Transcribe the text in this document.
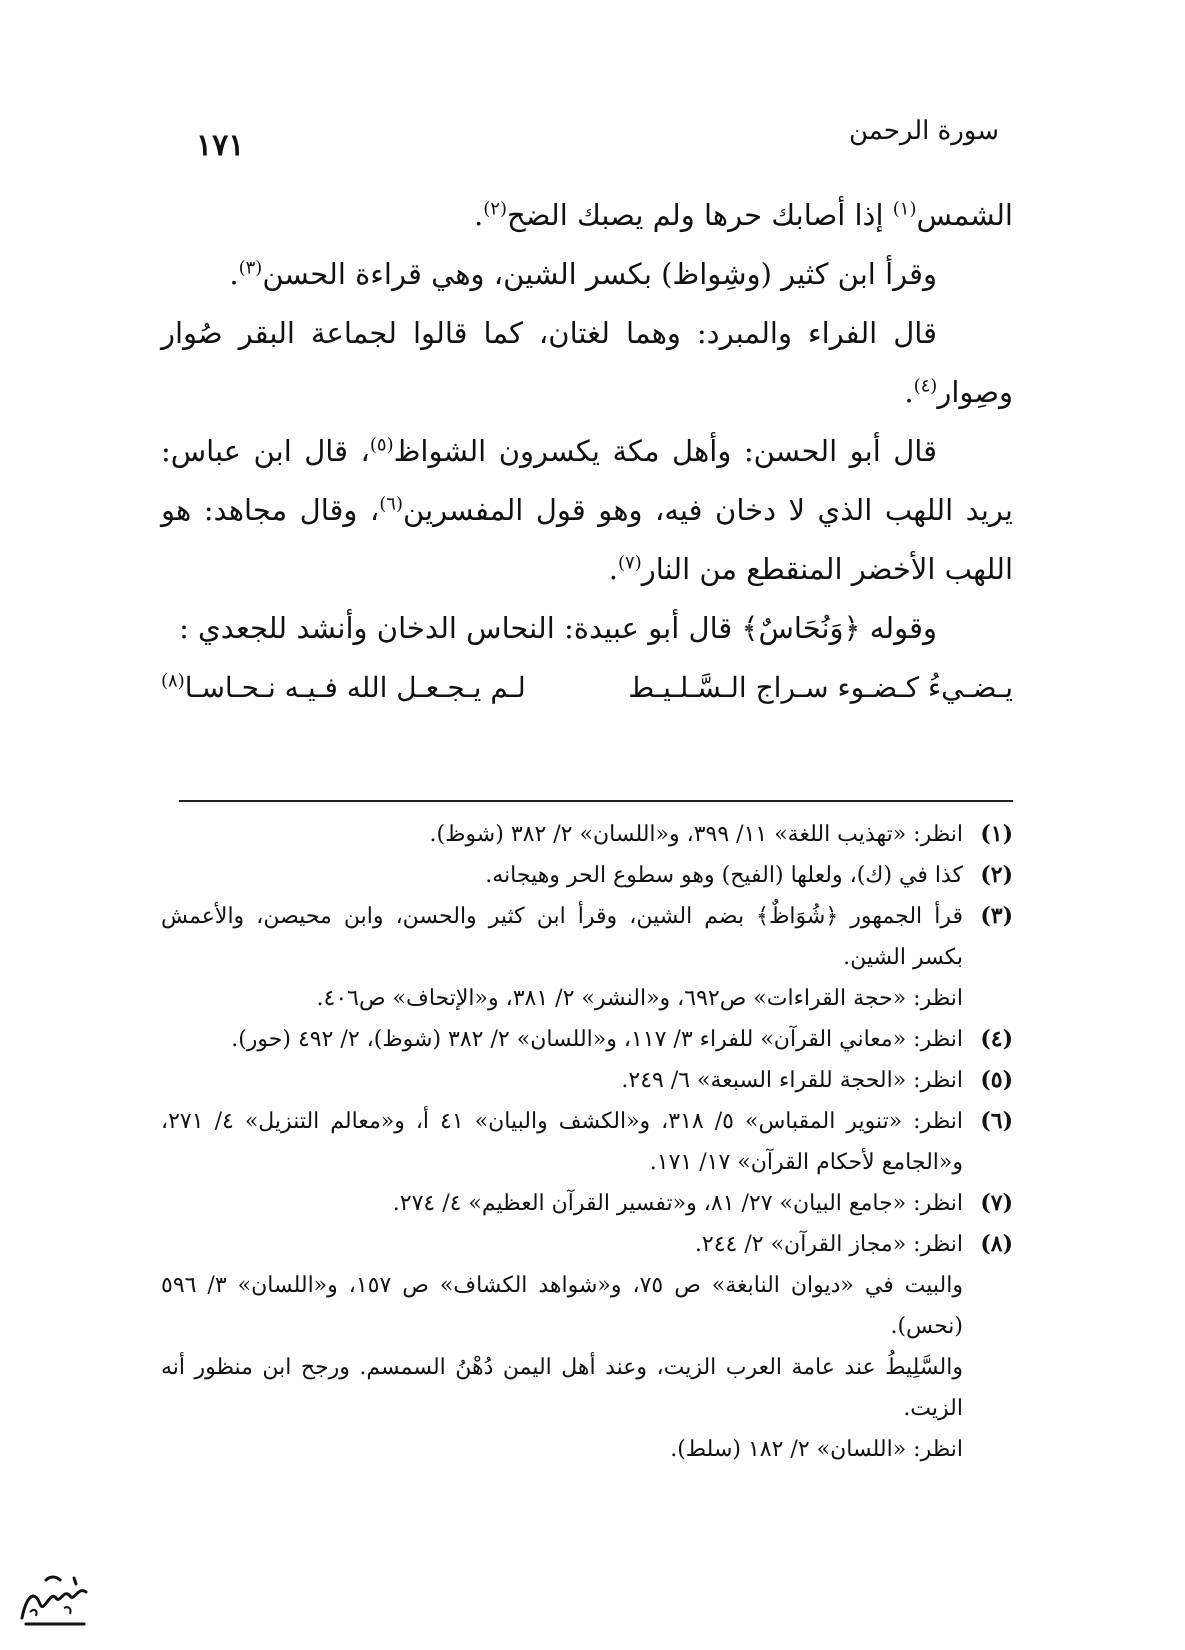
١٧١	سورة الرحمن

الشمس$^{(١)}$ إذا أصابك حرها ولم يصبك الضح$^{(٢)}$.

وقرأ ابن كثير (وشِواظ) بكسر الشين، وهي قراءة الحسن$^{(٣)}$.

قال الفراء والمبرد: وهما لغتان، كما قالوا لجماعة البقر صُوار وصِوار$^{(٤)}$.

قال أبو الحسن: وأهل مكة يكسرون الشواظ$^{(٥)}$، قال ابن عباس: يريد اللهب الذي لا دخان فيه، وهو قول المفسرين$^{(٦)}$، وقال مجاهد: هو اللهب الأخضر المنقطع من النار$^{(٧)}$.

وقوله ﴿وَنُحَاسٌ﴾ قال أبو عبيدة: النحاس الدخان وأنشد للجعدي :

يـضـيءُ كـضـوء سـراج الـسَّـلـيـط
لـم يـجـعـل الله فـيـه نـحـاسـا$^{(٨)}$
(١)
انظر: «تهذيب اللغة» ١١/ ٣٩٩، و«اللسان» ٢/ ٣٨٢ (شوظ).
(٢)
كذا في (ك)، ولعلها (الفيح) وهو سطوع الحر وهيجانه.
(٣)
قرأ الجمهور ﴿شُوَاظٌ﴾ بضم الشين، وقرأ ابن كثير والحسن، وابن محيصن، والأعمش بكسر الشين.
انظر: «حجة القراءات» ص٦٩٢، و«النشر» ٢/ ٣٨١، و«الإتحاف» ص٤٠٦.
(٤)
انظر: «معاني القرآن» للفراء ٣/ ١١٧، و«اللسان» ٢/ ٣٨٢ (شوظ)، ٢/ ٤٩٢ (حور).
(٥)
انظر: «الحجة للقراء السبعة» ٦/ ٢٤٩.
(٦)
انظر: «تنوير المقباس» ٥/ ٣١٨، و«الكشف والبيان» ٤١ أ، و«معالم التنزيل» ٤/ ٢٧١، و«الجامع لأحكام القرآن» ١٧/ ١٧١.
(٧)
انظر: «جامع البيان» ٢٧/ ٨١، و«تفسير القرآن العظيم» ٤/ ٢٧٤.
(٨)
انظر: «مجاز القرآن» ٢/ ٢٤٤.
والبيت في «ديوان النابغة» ص ٧٥، و«شواهد الكشاف» ص ١٥٧، و«اللسان» ٣/ ٥٩٦ (نحس).
والسَّلِيطُ عند عامة العرب الزيت، وعند أهل اليمن دُهْنُ السمسم. ورجح ابن منظور أنه الزيت.
انظر: «اللسان» ٢/ ١٨٢ (سلط).
